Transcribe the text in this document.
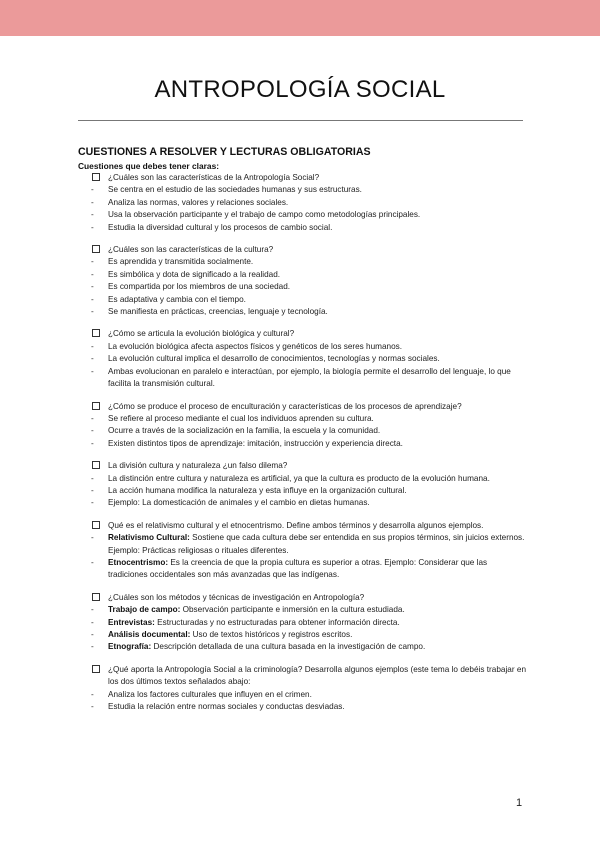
ANTROPOLOGÍA SOCIAL
CUESTIONES A RESOLVER Y LECTURAS OBLIGATORIAS
Cuestiones que debes tener claras:
¿Cuáles son las características de la Antropología Social?
- Se centra en el estudio de las sociedades humanas y sus estructuras.
- Analiza las normas, valores y relaciones sociales.
- Usa la observación participante y el trabajo de campo como metodologías principales.
- Estudia la diversidad cultural y los procesos de cambio social.
¿Cuáles son las características de la cultura?
- Es aprendida y transmitida socialmente.
- Es simbólica y dota de significado a la realidad.
- Es compartida por los miembros de una sociedad.
- Es adaptativa y cambia con el tiempo.
- Se manifiesta en prácticas, creencias, lenguaje y tecnología.
¿Cómo se articula la evolución biológica y cultural?
- La evolución biológica afecta aspectos físicos y genéticos de los seres humanos.
- La evolución cultural implica el desarrollo de conocimientos, tecnologías y normas sociales.
- Ambas evolucionan en paralelo e interactúan, por ejemplo, la biología permite el desarrollo del lenguaje, lo que facilita la transmisión cultural.
¿Cómo se produce el proceso de enculturación y características de los procesos de aprendizaje?
- Se refiere al proceso mediante el cual los individuos aprenden su cultura.
- Ocurre a través de la socialización en la familia, la escuela y la comunidad.
- Existen distintos tipos de aprendizaje: imitación, instrucción y experiencia directa.
La división cultura y naturaleza ¿un falso dilema?
- La distinción entre cultura y naturaleza es artificial, ya que la cultura es producto de la evolución humana.
- La acción humana modifica la naturaleza y esta influye en la organización cultural.
- Ejemplo: La domesticación de animales y el cambio en dietas humanas.
Qué es el relativismo cultural y el etnocentrismo. Define ambos términos y desarrolla algunos ejemplos.
- Relativismo Cultural: Sostiene que cada cultura debe ser entendida en sus propios términos, sin juicios externos. Ejemplo: Prácticas religiosas o rituales diferentes.
- Etnocentrismo: Es la creencia de que la propia cultura es superior a otras. Ejemplo: Considerar que las tradiciones occidentales son más avanzadas que las indígenas.
¿Cuáles son los métodos y técnicas de investigación en Antropología?
- Trabajo de campo: Observación participante e inmersión en la cultura estudiada.
- Entrevistas: Estructuradas y no estructuradas para obtener información directa.
- Análisis documental: Uso de textos históricos y registros escritos.
- Etnografía: Descripción detallada de una cultura basada en la investigación de campo.
¿Qué aporta la Antropología Social a la criminología? Desarrolla algunos ejemplos (este tema lo debéis trabajar en los dos últimos textos señalados abajo:
- Analiza los factores culturales que influyen en el crimen.
- Estudia la relación entre normas sociales y conductas desviadas.
1
